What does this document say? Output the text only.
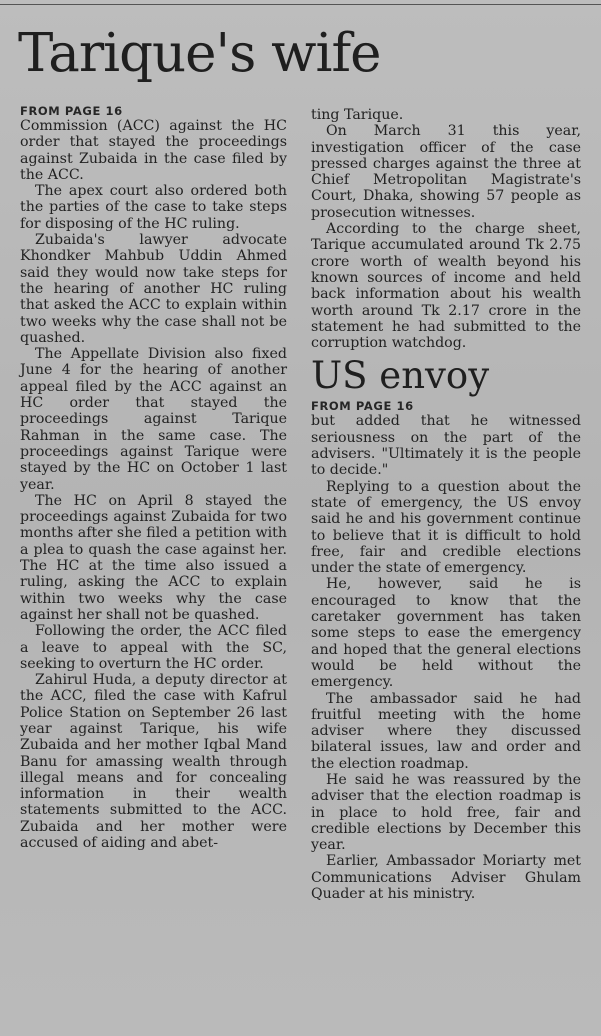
Tarique's wife
FROM PAGE 16

Commission (ACC) against the HC order that stayed the proceedings against Zubaida in the case filed by the ACC.

The apex court also ordered both the parties of the case to take steps for disposing of the HC ruling.

Zubaida's lawyer advocate Khondker Mahbub Uddin Ahmed said they would now take steps for the hearing of another HC ruling that asked the ACC to explain within two weeks why the case shall not be quashed.

The Appellate Division also fixed June 4 for the hearing of another appeal filed by the ACC against an HC order that stayed the proceedings against Tarique Rahman in the same case. The proceedings against Tarique were stayed by the HC on October 1 last year.

The HC on April 8 stayed the proceedings against Zubaida for two months after she filed a petition with a plea to quash the case against her. The HC at the time also issued a ruling, asking the ACC to explain within two weeks why the case against her shall not be quashed.

Following the order, the ACC filed a leave to appeal with the SC, seeking to overturn the HC order.

Zahirul Huda, a deputy director at the ACC, filed the case with Kafrul Police Station on September 26 last year against Tarique, his wife Zubaida and her mother Iqbal Mand Banu for amassing wealth through illegal means and for concealing information in their wealth statements submitted to the ACC. Zubaida and her mother were accused of aiding and abet-

ting Tarique.

On March 31 this year, investigation officer of the case pressed charges against the three at Chief Metropolitan Magistrate's Court, Dhaka, showing 57 people as prosecution witnesses.

According to the charge sheet, Tarique accumulated around Tk 2.75 crore worth of wealth beyond his known sources of income and held back information about his wealth worth around Tk 2.17 crore in the statement he had submitted to the corruption watchdog.

US envoy
FROM PAGE 16

but added that he witnessed seriousness on the part of the advisers. "Ultimately it is the people to decide."

Replying to a question about the state of emergency, the US envoy said he and his government continue to believe that it is difficult to hold free, fair and credible elections under the state of emergency.

He, however, said he is encouraged to know that the caretaker government has taken some steps to ease the emergency and hoped that the general elections would be held without the emergency.

The ambassador said he had fruitful meeting with the home adviser where they discussed bilateral issues, law and order and the election roadmap.

He said he was reassured by the adviser that the election roadmap is in place to hold free, fair and credible elections by December this year.

Earlier, Ambassador Moriarty met Communications Adviser Ghulam Quader at his ministry.
